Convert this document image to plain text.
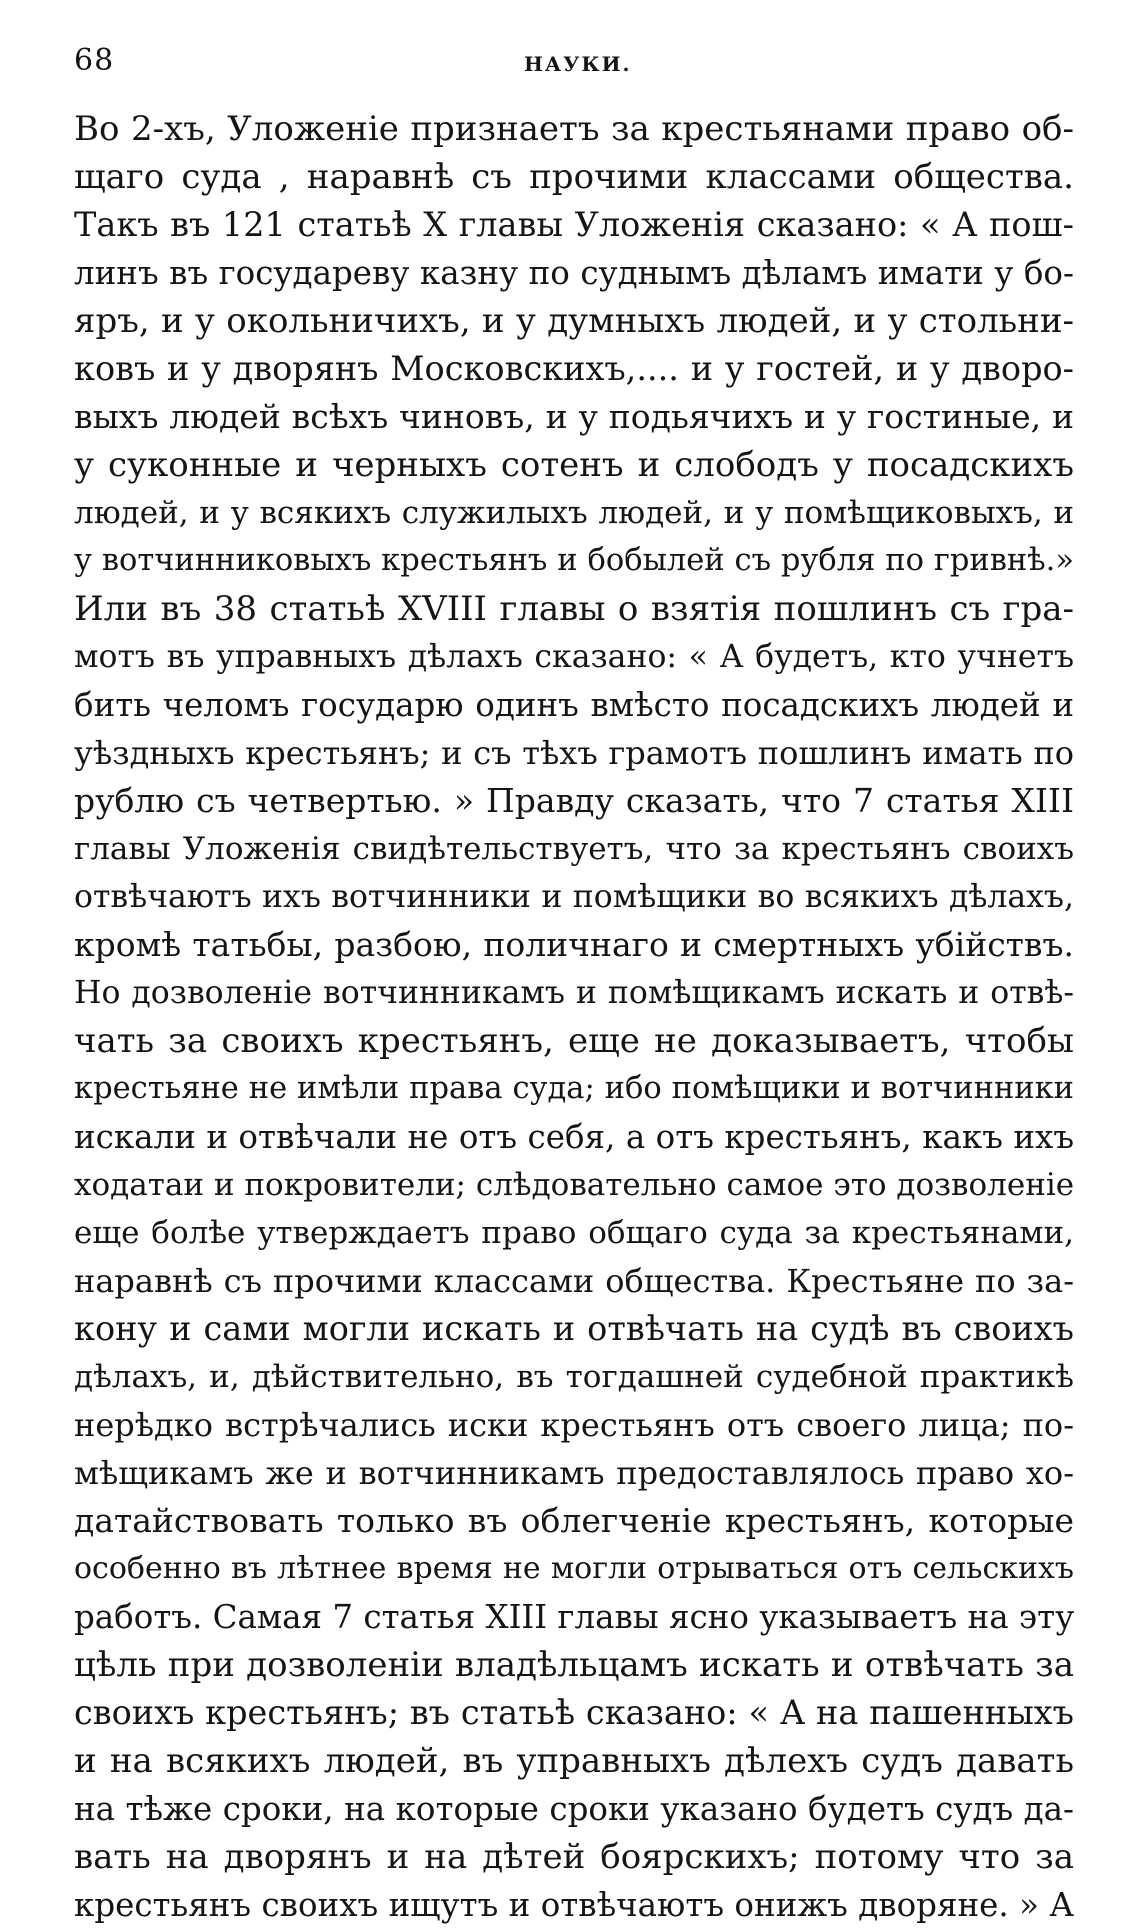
68	НАУКИ.
Во 2-хъ, Уложеніе признаетъ за крестьянами право об-
щаго суда , наравнѣ съ прочими классами общества.
Такъ въ 121 статьѣ X главы Уложенія сказано: « А пош-
линъ въ государеву казну по суднымъ дѣламъ имати у бо-
яръ, и у окольничихъ, и у думныхъ людей, и у стольни-
ковъ и у дворянъ Московскихъ,.... и у гостей, и у дворо-
выхъ людей всѣхъ чиновъ, и у подьячихъ и у гостиные, и
у суконные и черныхъ сотенъ и слободъ у посадскихъ
людей, и у всякихъ служилыхъ людей, и у помѣщиковыхъ, и
у вотчинниковыхъ крестьянъ и бобылей съ рубля по гривнѣ.»
Или въ 38 статьѣ XVIII главы о взятія пошлинъ съ гра-
мотъ въ управныхъ дѣлахъ сказано: « А будетъ, кто учнетъ
бить челомъ государю одинъ вмѣсто посадскихъ людей и
уѣздныхъ крестьянъ; и съ тѣхъ грамотъ пошлинъ имать по
рублю съ четвертью. » Правду сказать, что 7 статья XIII
главы Уложенія свидѣтельствуетъ, что за крестьянъ своихъ
отвѣчаютъ ихъ вотчинники и помѣщики во всякихъ дѣлахъ,
кромѣ татьбы, разбою, поличнаго и смертныхъ убійствъ.
Но дозволеніе вотчинникамъ и помѣщикамъ искать и отвѣ-
чать за своихъ крестьянъ, еще не доказываетъ, чтобы
крестьяне не имѣли права суда; ибо помѣщики и вотчинники
искали и отвѣчали не отъ себя, а отъ крестьянъ, какъ ихъ
ходатаи и покровители; слѣдовательно самое это дозволеніе
еще болѣе утверждаетъ право общаго суда за крестьянами,
наравнѣ съ прочими классами общества. Крестьяне по за-
кону и сами могли искать и отвѣчать на судѣ въ своихъ
дѣлахъ, и, дѣйствительно, въ тогдашней судебной практикѣ
нерѣдко встрѣчались иски крестьянъ отъ своего лица; по-
мѣщикамъ же и вотчинникамъ предоставлялось право хо-
датайствовать только въ облегченіе крестьянъ, которые
особенно въ лѣтнее время не могли отрываться отъ сельскихъ
работъ. Самая 7 статья XIII главы ясно указываетъ на эту
цѣль при дозволеніи владѣльцамъ искать и отвѣчать за
своихъ крестьянъ; въ статьѣ сказано: « А на пашенныхъ
и на всякихъ людей, въ управныхъ дѣлехъ судъ давать
на тѣже сроки, на которые сроки указано будетъ судъ да-
вать на дворянъ и на дѣтей боярскихъ; потому что за
крестьянъ своихъ ищутъ и отвѣчаютъ онижъ дворяне. » А
